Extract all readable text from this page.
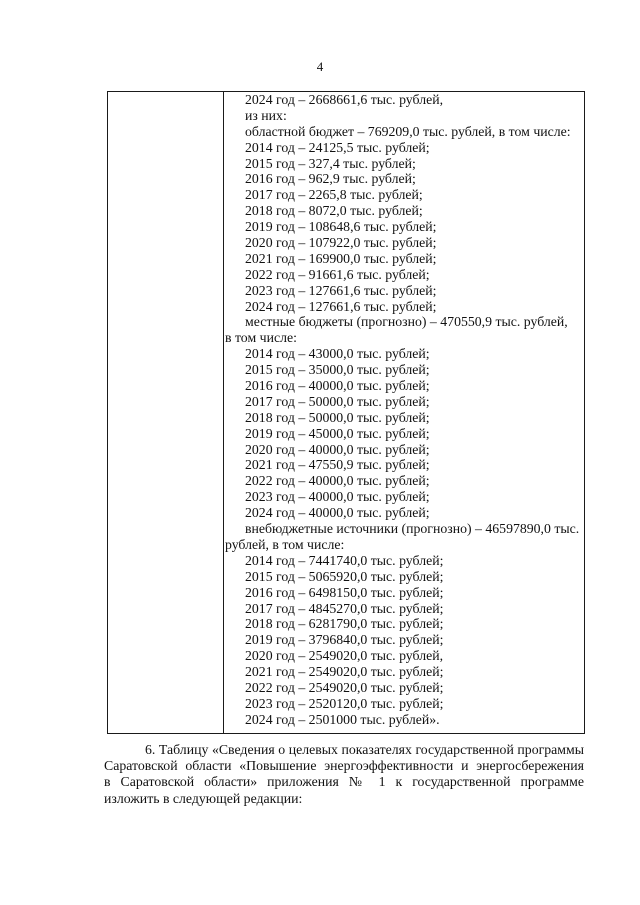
4
2024 год – 2668661,6 тыс. рублей,
из них:
областной бюджет – 769209,0 тыс. рублей, в том числе:
2014 год – 24125,5 тыс. рублей;
2015 год – 327,4 тыс. рублей;
2016 год – 962,9 тыс. рублей;
2017 год – 2265,8 тыс. рублей;
2018 год – 8072,0 тыс. рублей;
2019 год – 108648,6 тыс. рублей;
2020 год – 107922,0 тыс. рублей;
2021 год – 169900,0 тыс. рублей;
2022 год – 91661,6 тыс. рублей;
2023 год – 127661,6 тыс. рублей;
2024 год – 127661,6 тыс. рублей;
местные бюджеты (прогнозно) – 470550,9 тыс. рублей,
в том числе:
2014 год – 43000,0 тыс. рублей;
2015 год – 35000,0 тыс. рублей;
2016 год – 40000,0 тыс. рублей;
2017 год – 50000,0 тыс. рублей;
2018 год – 50000,0 тыс. рублей;
2019 год – 45000,0 тыс. рублей;
2020 год – 40000,0 тыс. рублей;
2021 год – 47550,9 тыс. рублей;
2022 год – 40000,0 тыс. рублей;
2023 год – 40000,0 тыс. рублей;
2024 год – 40000,0 тыс. рублей;
внебюджетные источники (прогнозно) – 46597890,0 тыс.
рублей, в том числе:
2014 год – 7441740,0 тыс. рублей;
2015 год – 5065920,0 тыс. рублей;
2016 год – 6498150,0 тыс. рублей;
2017 год – 4845270,0 тыс. рублей;
2018 год – 6281790,0 тыс. рублей;
2019 год – 3796840,0 тыс. рублей;
2020 год – 2549020,0 тыс. рублей,
2021 год – 2549020,0 тыс. рублей;
2022 год – 2549020,0 тыс. рублей;
2023 год – 2520120,0 тыс. рублей;
2024 год – 2501000 тыс. рублей».
6. Таблицу «Сведения о целевых показателях государственной программы
Саратовской области «Повышение энергоэффективности и энергосбережения
в Саратовской области» приложения № 1 к государственной программе
изложить в следующей редакции:
